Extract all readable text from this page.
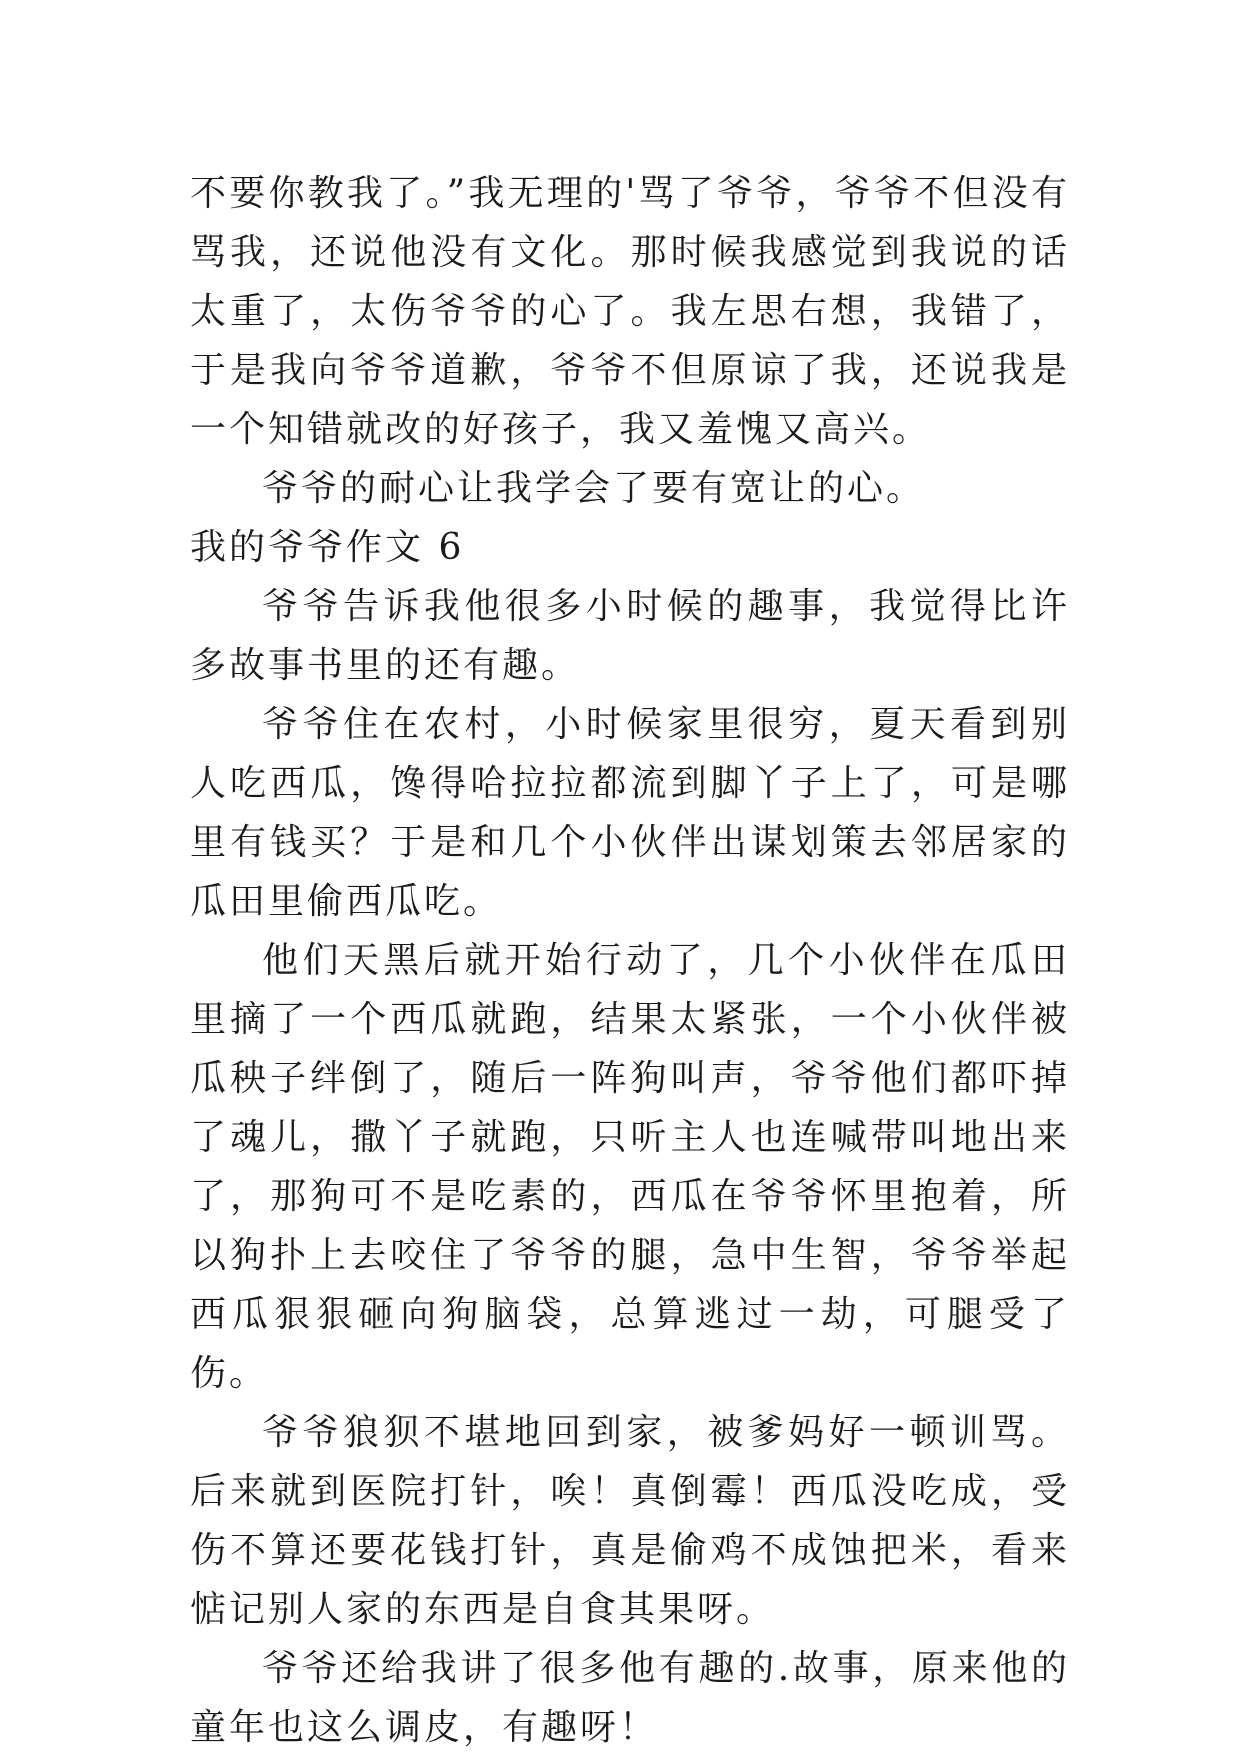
不要你教我了。”我无理的'骂了爷爷，爷爷不但没有骂我，还说他没有文化。那时候我感觉到我说的话太重了，太伤爷爷的心了。我左思右想，我错了，于是我向爷爷道歉，爷爷不但原谅了我，还说我是一个知错就改的好孩子，我又羞愧又高兴。

爷爷的耐心让我学会了要有宽让的心。

我的爷爷作文 6

爷爷告诉我他很多小时候的趣事，我觉得比许多故事书里的还有趣。

爷爷住在农村，小时候家里很穷，夏天看到别人吃西瓜，馋得哈拉拉都流到脚丫子上了，可是哪里有钱买？于是和几个小伙伴出谋划策去邻居家的瓜田里偷西瓜吃。

他们天黑后就开始行动了，几个小伙伴在瓜田里摘了一个西瓜就跑，结果太紧张，一个小伙伴被瓜秧子绊倒了，随后一阵狗叫声，爷爷他们都吓掉了魂儿，撒丫子就跑，只听主人也连喊带叫地出来了，那狗可不是吃素的，西瓜在爷爷怀里抱着，所以狗扑上去咬住了爷爷的腿，急中生智，爷爷举起西瓜狠狠砸向狗脑袋，总算逃过一劫，可腿受了伤。

爷爷狼狈不堪地回到家，被爹妈好一顿训骂。后来就到医院打针，唉！真倒霉！西瓜没吃成，受伤不算还要花钱打针，真是偷鸡不成蚀把米，看来惦记别人家的东西是自食其果呀。

爷爷还给我讲了很多他有趣的.故事，原来他的童年也这么调皮，有趣呀！
